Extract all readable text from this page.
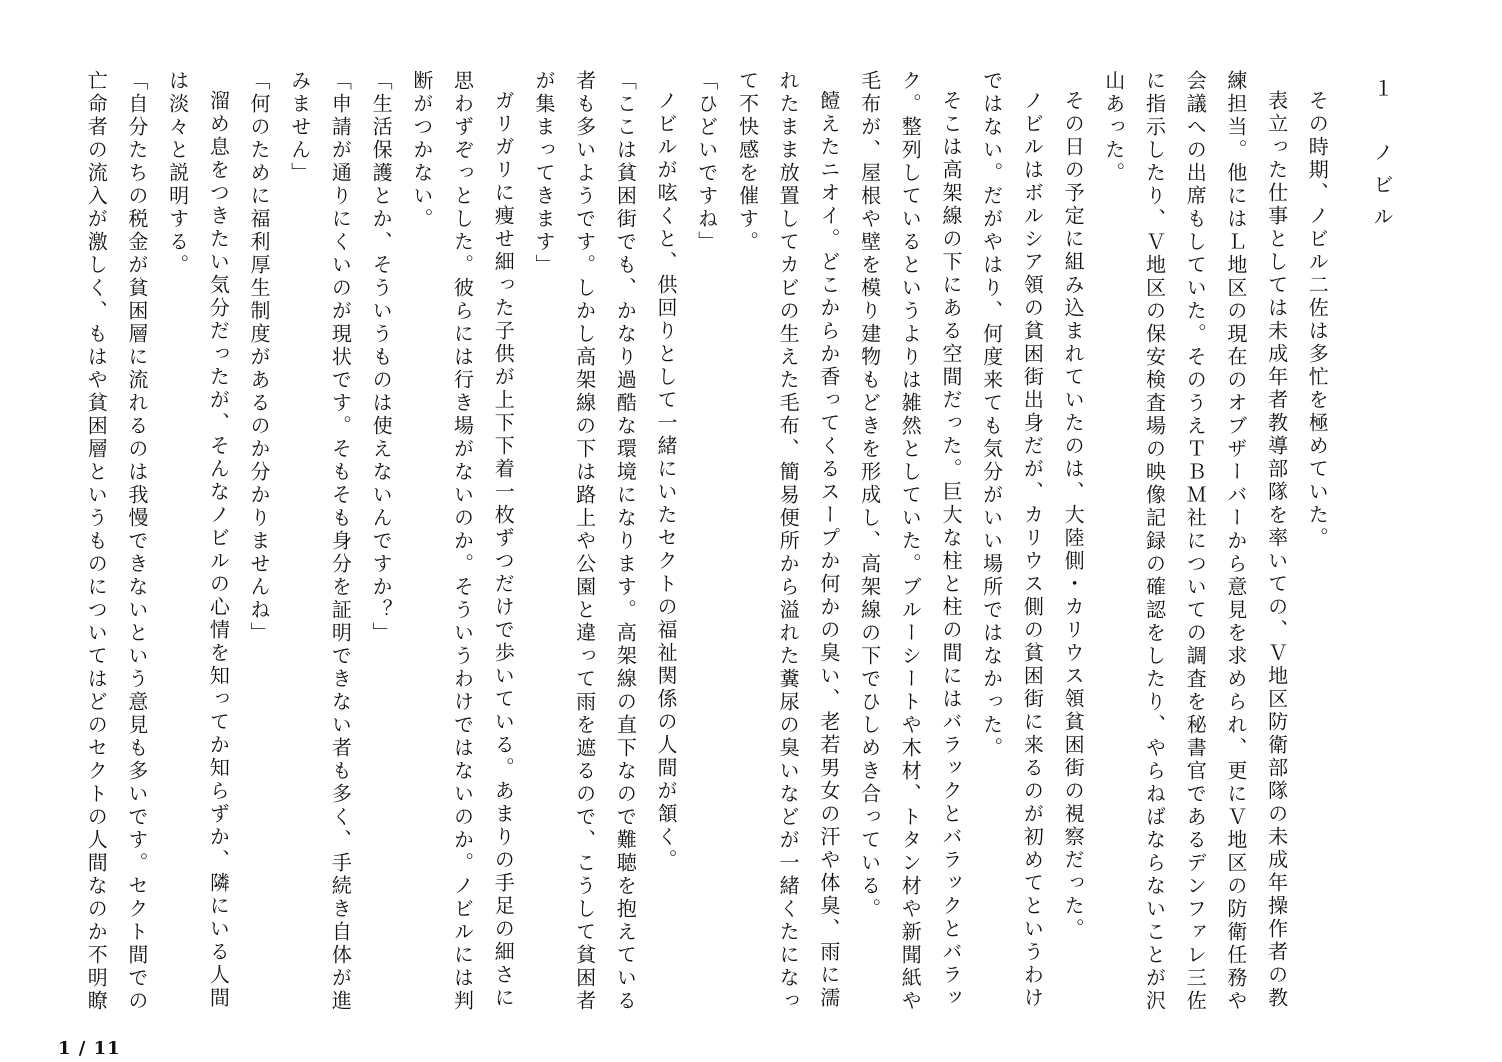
１　ノビル

その時期、ノビル二佐は多忙を極めていた。

表立った仕事としては未成年者教導部隊を率いての、Ｖ地区防衛部隊の未成年操作者の教練担当。他にはＬ地区の現在のオブザーバーから意見を求められ、更にＶ地区の防衛任務や会議への出席もしていた。そのうえＴＢＭ社についての調査を秘書官であるデンファレ三佐に指示したり、Ｖ地区の保安検査場の映像記録の確認をしたり、やらねばならないことが沢山あった。

その日の予定に組み込まれていたのは、大陸側・カリウス領貧困街の視察だった。

ノビルはボルシア領の貧困街出身だが、カリウス側の貧困街に来るのが初めてというわけではない。だがやはり、何度来ても気分がいい場所ではなかった。

そこは高架線の下にある空間だった。巨大な柱と柱の間にはバラックとバラックとバラック。整列しているというよりは雑然としていた。ブルーシートや木材、トタン材や新聞紙や毛布が、屋根や壁を模り建物もどきを形成し、高架線の下でひしめき合っている。

饐えたニオイ。どこからか香ってくるスープか何かの臭い、老若男女の汗や体臭、雨に濡れたまま放置してカビの生えた毛布、簡易便所から溢れた糞尿の臭いなどが一緒くたになって不快感を催す。

「ひどいですね」

ノビルが呟くと、供回りとして一緒にいたセクトの福祉関係の人間が頷く。

「ここは貧困街でも、かなり過酷な環境になります。高架線の直下なので難聴を抱えている者も多いようです。しかし高架線の下は路上や公園と違って雨を遮るので、こうして貧困者が集まってきます」

ガリガリに痩せ細った子供が上下下着一枚ずつだけで歩いている。あまりの手足の細さに思わずぞっとした。彼らには行き場がないのか。そういうわけではないのか。ノビルには判断がつかない。

「生活保護とか、そういうものは使えないんですか？」

「申請が通りにくいのが現状です。そもそも身分を証明できない者も多く、手続き自体が進みません」

「何のために福利厚生制度があるのか分かりませんね」

溜め息をつきたい気分だったが、そんなノビルの心情を知ってか知らずか、隣にいる人間は淡々と説明する。

「自分たちの税金が貧困層に流れるのは我慢できないという意見も多いです。セクト間での亡命者の流入が激しく、もはや貧困層というものについてはどのセクトの人間なのか不明瞭

1 / 11
